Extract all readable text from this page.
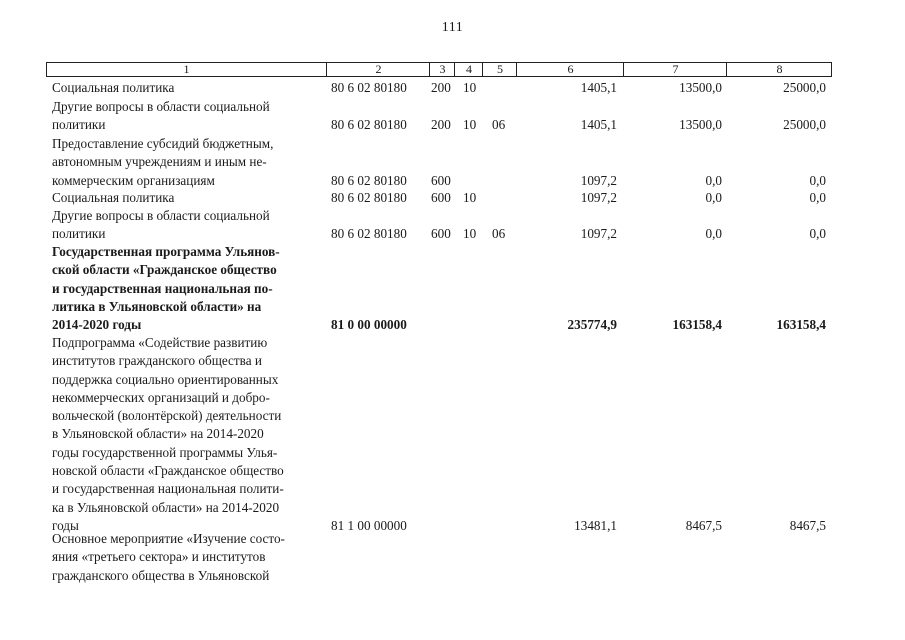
111
1	2	3	4	5	6	7	8
Социальная политика	80 6 02 80180 200 10	1405,1	13500,0	25000,0
Другие вопросы в области социальной
политики	80 6 02 80180 200 10 06	1405,1	13500,0	25000,0
Предоставление субсидий бюджетным,
автономным учреждениям и иным не-
коммерческим организациям	80 6 02 80180 600	1097,2	0,0	0,0
Социальная политика	80 6 02 80180 600 10	1097,2	0,0	0,0
Другие вопросы в области социальной
политики	80 6 02 80180 600 10 06	1097,2	0,0	0,0
Государственная программа Ульянов-
ской области «Гражданское общество
и государственная национальная по-
литика в Ульяновской области» на
2014-2020 годы	81 0 00 00000	235774,9	163158,4	163158,4
Подпрограмма «Содействие развитию
институтов гражданского общества и
поддержка социально ориентированных
некоммерческих организаций и добро-
вольческой (волонтёрской) деятельности
в Ульяновской области» на 2014-2020
годы государственной программы Улья-
новской области «Гражданское общество
и государственная национальная полити-
ка в Ульяновской области» на 2014-2020
годы	81 1 00 00000	13481,1	8467,5	8467,5
Основное мероприятие «Изучение состо-
яния «третьего сектора» и институтов
гражданского общества в Ульяновской
